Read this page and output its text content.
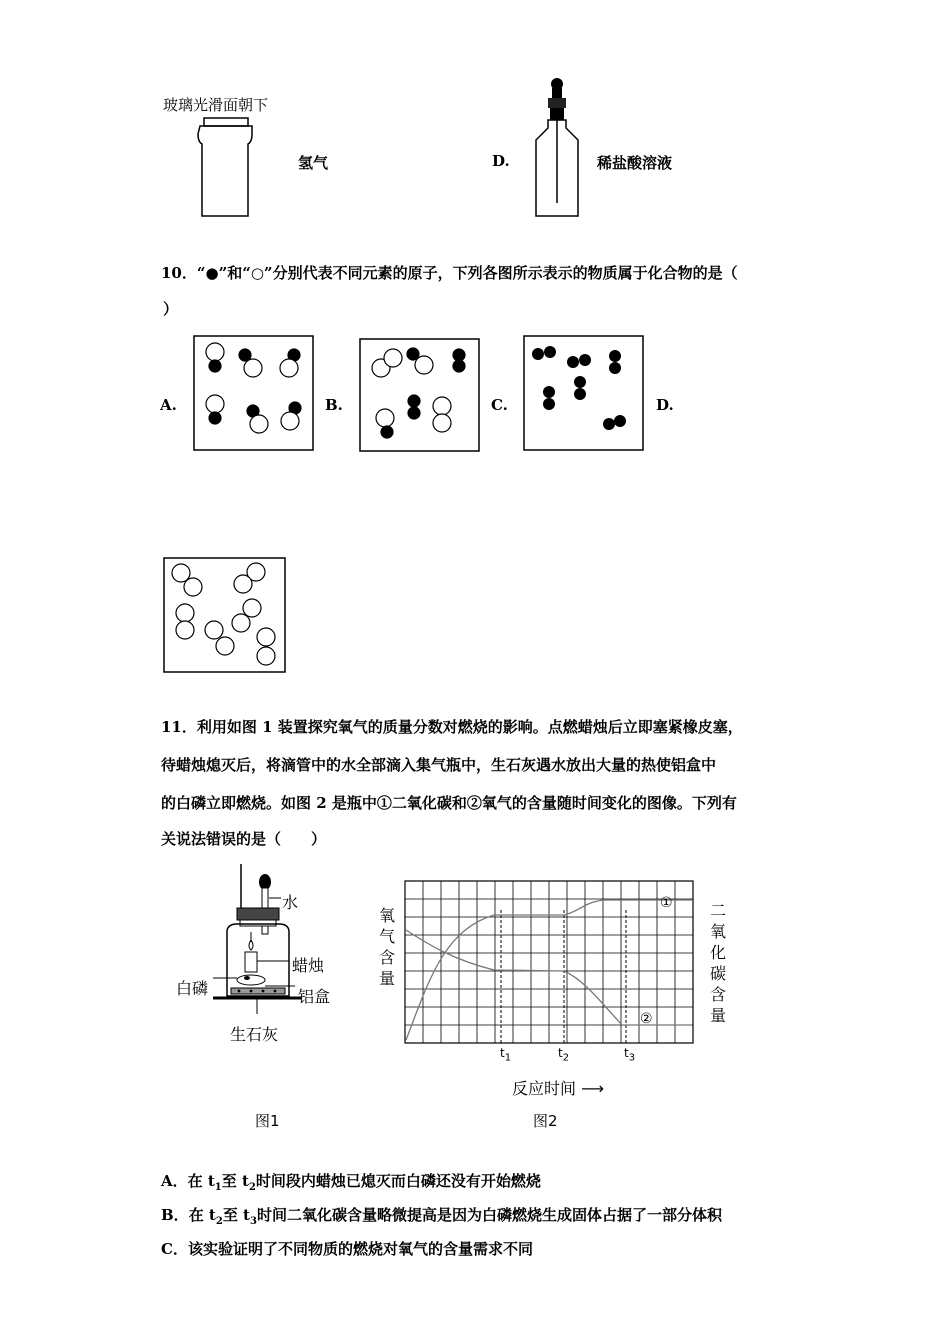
玻璃光滑面朝下
氢气	D.	稀盐酸溶液
10．“●”和“○”分别代表不同元素的原子，下列各图所示表示的物质属于化合物的是（
）
A.	B.	C.	D.
11．利用如图 1 装置探究氧气的质量分数对燃烧的影响。点燃蜡烛后立即塞紧橡皮塞，
待蜡烛熄灭后，将滴管中的水全部滴入集气瓶中，生石灰遇水放出大量的热使铝盒中
的白磷立即燃烧。如图 2 是瓶中①二氧化碳和②氧气的含量随时间变化的图像。下列有
关说法错误的是（　　）
水
蜡烛
白磷	铝盒
生石灰
图1
氧气含量
二氧化碳含量
①
②
$t_1$	$t_2$	$t_3$
反应时间 ⟶
图2
A．在 $t_1$至 $t_2$时间段内蜡烛已熄灭而白磷还没有开始燃烧
B．在 $t_2$至 $t_3$时间二氧化碳含量略微提高是因为白磷燃烧生成固体占据了一部分体积
C．该实验证明了不同物质的燃烧对氧气的含量需求不同
